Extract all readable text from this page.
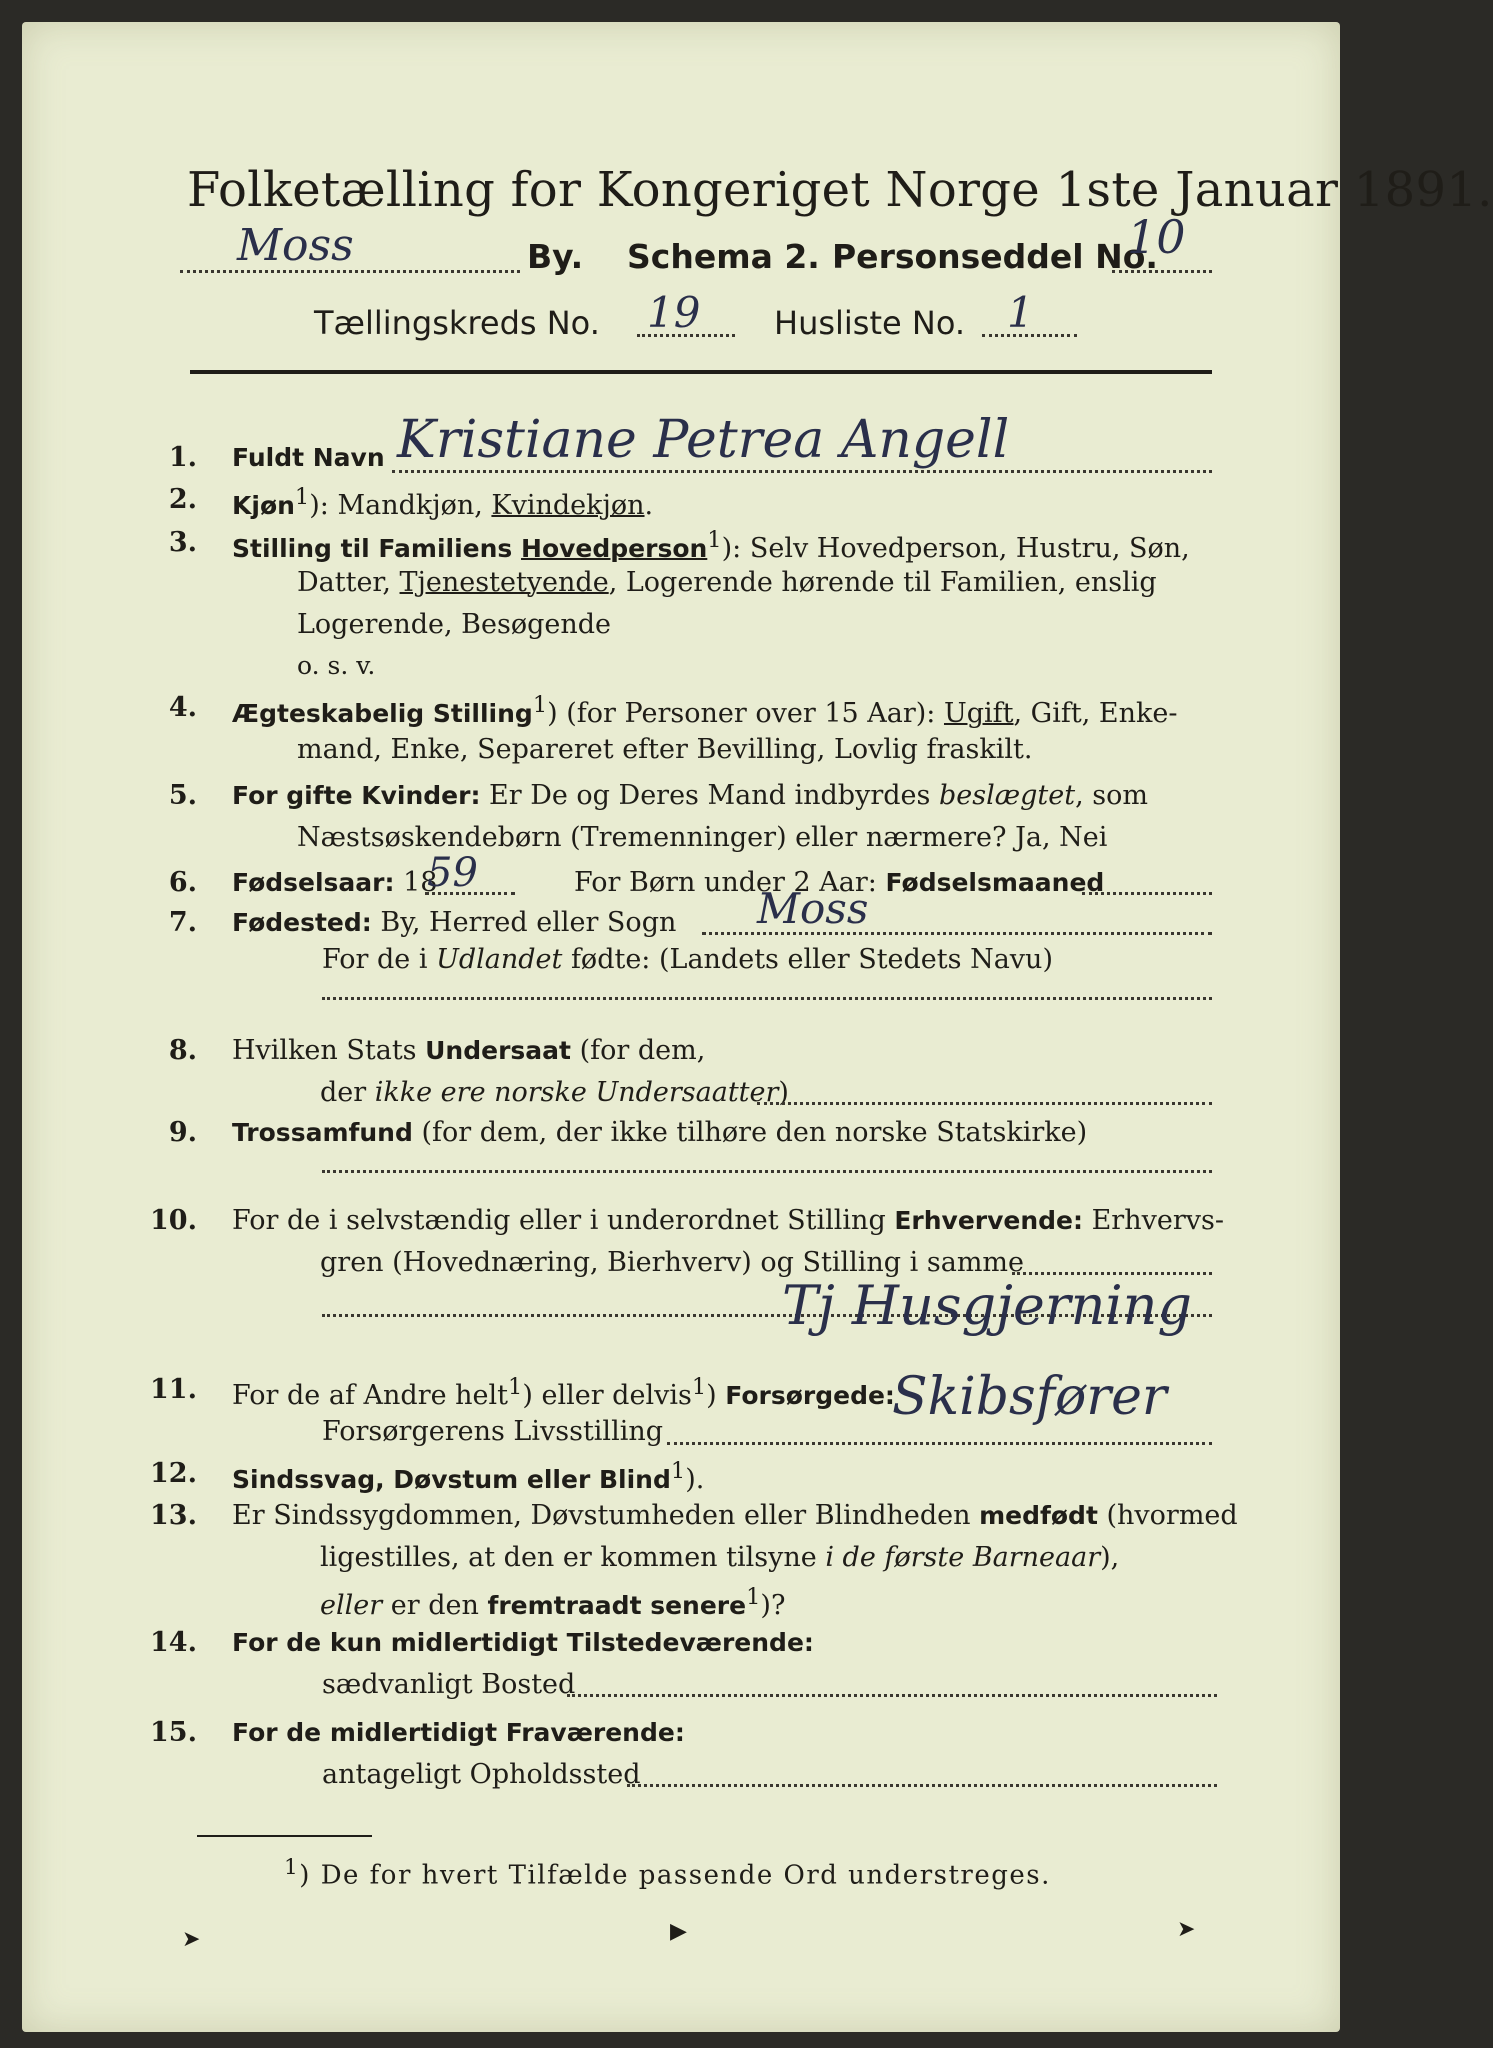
Folketælling for Kongeriget Norge 1ste Januar 1891.
Moss	By. Schema 2. Personseddel No.
10
Tællingskreds No. 19 Husliste No. 1
1. Fuldt Navn Kristiane Petrea Angell
2. Kjøn$^1$): Mandkjøn, Kvindekjøn.
3. Stilling til Familiens Hovedperson$^1$): Selv Hovedperson, Hustru, Søn,
Datter, Tjenestetyende, Logerende hørende til Familien, enslig
Logerende, Besøgende
o. s. v.
4. Ægteskabelig Stilling$^1$) (for Personer over 15 Aar): Ugift, Gift, Enke-
mand, Enke, Separeret efter Bevilling, Lovlig fraskilt.
5. For gifte Kvinder: Er De og Deres Mand indbyrdes beslægtet, som
Næstsøskendebørn (Tremenninger) eller nærmere? Ja, Nei
6. Fødselsaar: 18
59	For Børn under 2 Aar: Fødselsmaaned
7. Fødested: By, Herred eller Sogn Moss
For de i Udlandet fødte: (Landets eller Stedets Navu)
8. Hvilken Stats Undersaat (for dem,
der ikke ere norske Undersaatter)
9. Trossamfund (for dem, der ikke tilhøre den norske Statskirke)
10. For de i selvstændig eller i underordnet Stilling Erhvervende: Erhvervs-
gren (Hovednæring, Bierhverv) og Stilling i samme
Tj Husgjerning
11. For de af Andre helt$^1$) eller delvis$^1$) Forsørgede:
Forsørgerens Livsstilling
Skibsfører
12. Sindssvag, Døvstum eller Blind$^1$).
13. Er Sindssygdommen, Døvstumheden eller Blindheden medfødt (hvormed
ligestilles, at den er kommen tilsyne i de første Barneaar),
eller er den fremtraadt senere$^1$)?
14. For de kun midlertidigt Tilstedeværende:
sædvanligt Bosted
15. For de midlertidigt Fraværende:
antageligt Opholdssted
$^1$) De for hvert Tilfælde passende Ord understreges.
➤	▶	➤
